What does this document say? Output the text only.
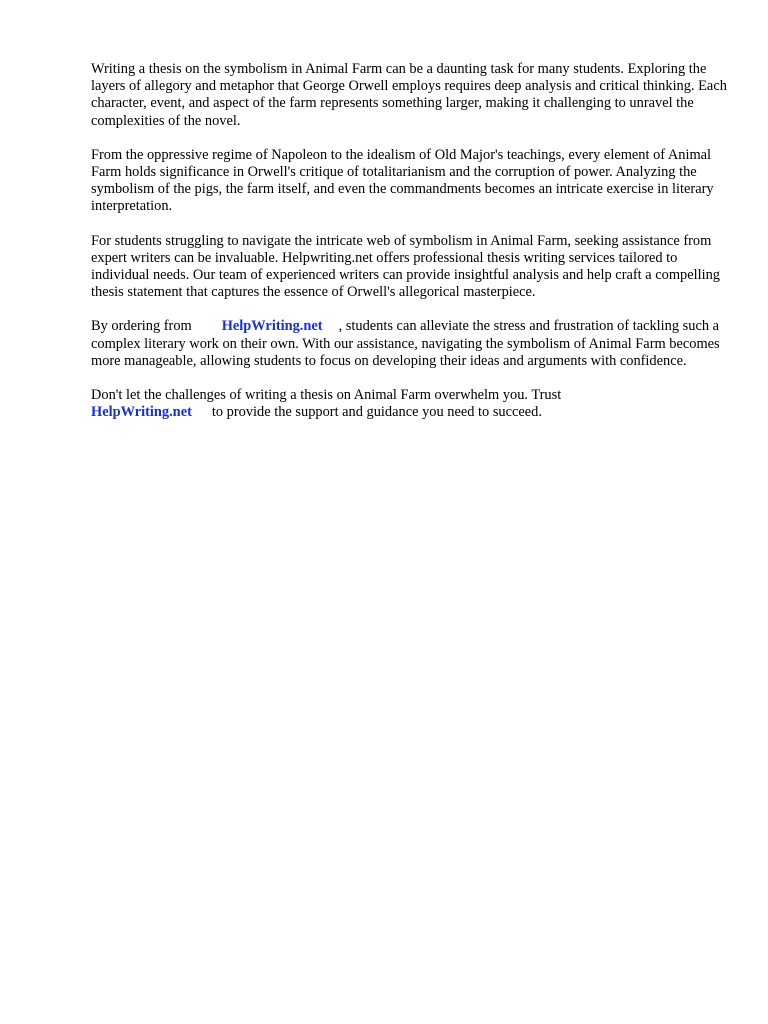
Writing a thesis on the symbolism in Animal Farm can be a daunting task for many students. Exploring the layers of allegory and metaphor that George Orwell employs requires deep analysis and critical thinking. Each character, event, and aspect of the farm represents something larger, making it challenging to unravel the complexities of the novel.

From the oppressive regime of Napoleon to the idealism of Old Major's teachings, every element of Animal Farm holds significance in Orwell's critique of totalitarianism and the corruption of power. Analyzing the symbolism of the pigs, the farm itself, and even the commandments becomes an intricate exercise in literary interpretation.

For students struggling to navigate the intricate web of symbolism in Animal Farm, seeking assistance from expert writers can be invaluable. Helpwriting.net offers professional thesis writing services tailored to individual needs. Our team of experienced writers can provide insightful analysis and help craft a compelling thesis statement that captures the essence of Orwell's allegorical masterpiece.

By ordering from HelpWriting.net , students can alleviate the stress and frustration of tackling such a complex literary work on their own. With our assistance, navigating the symbolism of Animal Farm becomes more manageable, allowing students to focus on developing their ideas and arguments with confidence.

Don't let the challenges of writing a thesis on Animal Farm overwhelm you. Trust
HelpWriting.net to provide the support and guidance you need to succeed.
